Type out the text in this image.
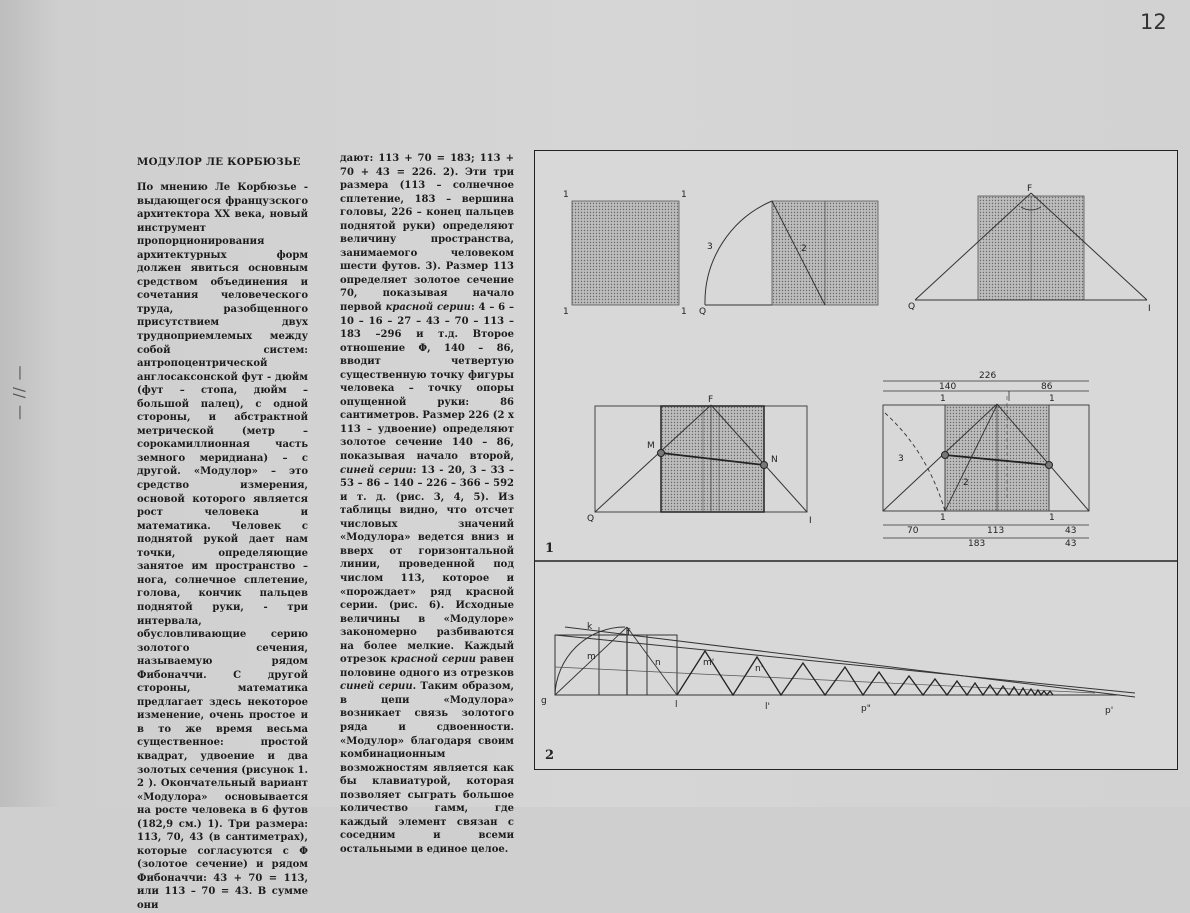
12
— // —
МОДУЛОР ЛЕ КОРБЮЗЬЕ

По мнению Ле Корбюзье - выдающегося французского архитектора XX века, новый инструмент пропорционирования архитектурных форм должен явиться основным средством объединения и сочетания человеческого труда, разобщенного присутствием двух трудноприемлемых между собой систем: антропоцентрической англосаксонской фут - дюйм (фут – стопа, дюйм – большой палец), с одной стороны, и абстрактной метрической (метр – сорокамиллионная часть земного меридиана) – с другой. «Модулор» – это средство измерения, основой которого является рост человека и математика. Человек с поднятой рукой дает нам точки, определяющие занятое им пространство – нога, солнечное сплетение, голова, кончик пальцев поднятой руки, - три интервала, обусловливающие серию золотого сечения, называемую рядом Фибоначчи. С другой стороны, математика предлагает здесь некоторое изменение, очень простое и в то же время весьма существенное: простой квадрат, удвоение и два золотых сечения (рисунок 1. 2 ). Окончательный вариант «Модулора» основывается на росте человека в 6 футов (182,9 см.) 1). Три размера: 113, 70, 43 (в сантиметрах), которые согласуются с Φ (золотое сечение) и рядом Фибоначчи: 43 + 70 = 113, или 113 – 70 = 43. В сумме они

дают: 113 + 70 = 183; 113 + 70 + 43 = 226. 2). Эти три размера (113 – солнечное сплетение, 183 – вершина головы, 226 – конец пальцев поднятой руки) определяют величину пространства, занимаемого человеком шести футов. 3). Размер 113 определяет золотое сечение 70, показывая начало первой красной серии: 4 – 6 – 10 – 16 – 27 – 43 – 70 – 113 – 183 –296 и т.д. Второе отношение Φ, 140 – 86, вводит четвертую существенную точку фигуры человека – точку опоры опущенной руки: 86 сантиметров. Размер 226 (2 x 113 – удвоение) определяют золотое сечение 140 – 86, показывая начало второй, синей серии: 13 - 20, 3 – 33 – 53 – 86 – 140 – 226 – 366 – 592 и т. д. (рис. 3, 4, 5). Из таблицы видно, что отсчет числовых значений «Модулора» ведется вниз и вверх от горизонтальной линии, проведенной под числом 113, которое и «порождает» ряд красной серии. (рис. 6). Исходные величины в «Модулоре» закономерно разбиваются на более мелкие. Каждый отрезок красной серии равен половине одного из отрезков синей серии. Таким образом, в цепи «Модулора» возникает связь золотого ряда и сдвоенности. «Модулор» благодаря своим комбинационным возможностям является как бы клавиатурой, которая позволяет сыграть большое количество гамм, где каждый элемент связан с соседним и всеми остальными в единое целое.

1	1
1	1
3	2
Q
F
Q	I
F
M
N
Q	I
226
140	86
1	1
3
2
1	1
70	113	43
183	43
1
k
f
m
n	m'
n'
g	l	l'	p"	p'
2
